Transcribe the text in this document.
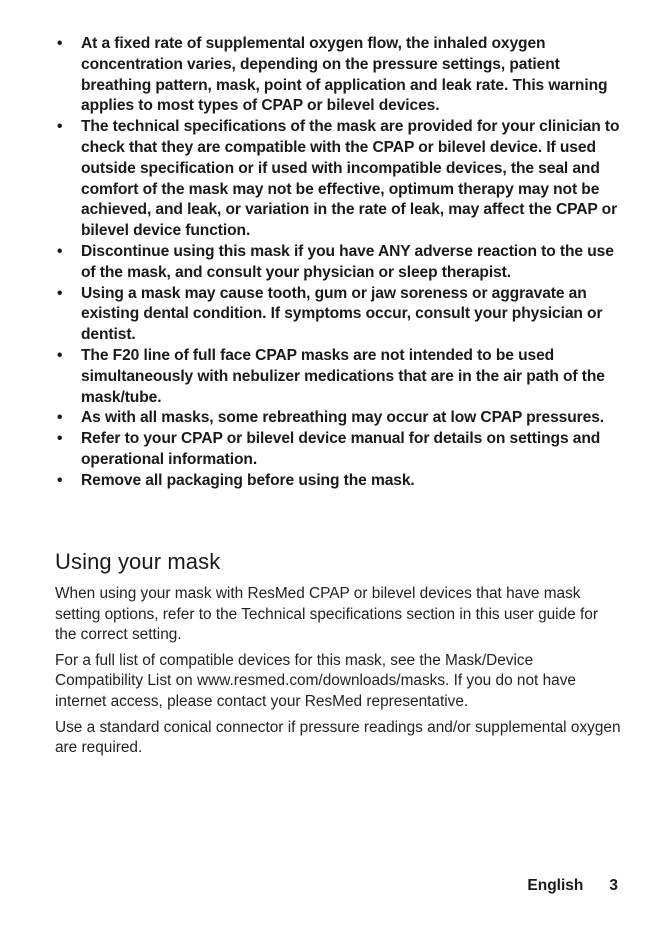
• At a fixed rate of supplemental oxygen flow, the inhaled oxygen concentration varies, depending on the pressure settings, patient breathing pattern, mask, point of application and leak rate. This warning applies to most types of CPAP or bilevel devices.
• The technical specifications of the mask are provided for your clinician to check that they are compatible with the CPAP or bilevel device. If used outside specification or if used with incompatible devices, the seal and comfort of the mask may not be effective, optimum therapy may not be achieved, and leak, or variation in the rate of leak, may affect the CPAP or bilevel device function.
• Discontinue using this mask if you have ANY adverse reaction to the use of the mask, and consult your physician or sleep therapist.
• Using a mask may cause tooth, gum or jaw soreness or aggravate an existing dental condition. If symptoms occur, consult your physician or dentist.
• The F20 line of full face CPAP masks are not intended to be used simultaneously with nebulizer medications that are in the air path of the mask/tube.
• As with all masks, some rebreathing may occur at low CPAP pressures.
• Refer to your CPAP or bilevel device manual for details on settings and operational information.
• Remove all packaging before using the mask.
Using your mask

When using your mask with ResMed CPAP or bilevel devices that have mask setting options, refer to the Technical specifications section in this user guide for the correct setting.

For a full list of compatible devices for this mask, see the Mask/Device Compatibility List on www.resmed.com/downloads/masks. If you do not have internet access, please contact your ResMed representative.

Use a standard conical connector if pressure readings and/or supplemental oxygen are required.

English 3
